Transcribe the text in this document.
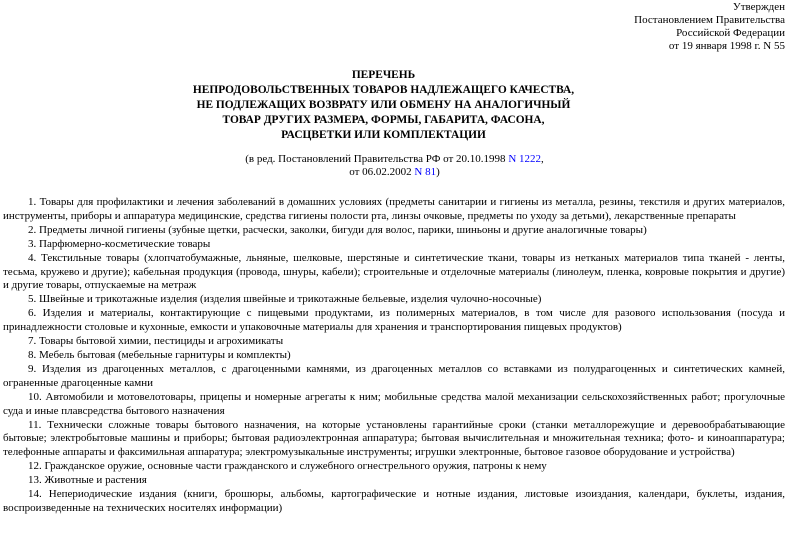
Утвержден
Постановлением Правительства
Российской Федерации
от 19 января 1998 г. N 55
ПЕРЕЧЕНЬ
НЕПРОДОВОЛЬСТВЕННЫХ ТОВАРОВ НАДЛЕЖАЩЕГО КАЧЕСТВА,
НЕ ПОДЛЕЖАЩИХ ВОЗВРАТУ ИЛИ ОБМЕНУ НА АНАЛОГИЧНЫЙ
ТОВАР ДРУГИХ РАЗМЕРА, ФОРМЫ, ГАБАРИТА, ФАСОНА,
РАСЦВЕТКИ ИЛИ КОМПЛЕКТАЦИИ
(в ред. Постановлений Правительства РФ от 20.10.1998 N 1222,
от 06.02.2002 N 81)

1. Товары для профилактики и лечения заболеваний в домашних условиях (предметы санитарии и гигиены из металла, резины, текстиля и других материалов, инструменты, приборы и аппаратура медицинские, средства гигиены полости рта, линзы очковые, предметы по уходу за детьми), лекарственные препараты

2. Предметы личной гигиены (зубные щетки, расчески, заколки, бигуди для волос, парики, шиньоны и другие аналогичные товары)

3. Парфюмерно-косметические товары

4. Текстильные товары (хлопчатобумажные, льняные, шелковые, шерстяные и синтетические ткани, товары из нетканых материалов типа тканей - ленты, тесьма, кружево и другие); кабельная продукция (провода, шнуры, кабели); строительные и отделочные материалы (линолеум, пленка, ковровые покрытия и другие) и другие товары, отпускаемые на метраж

5. Швейные и трикотажные изделия (изделия швейные и трикотажные бельевые, изделия чулочно-носочные)

6. Изделия и материалы, контактирующие с пищевыми продуктами, из полимерных материалов, в том числе для разового использования (посуда и принадлежности столовые и кухонные, емкости и упаковочные материалы для хранения и транспортирования пищевых продуктов)

7. Товары бытовой химии, пестициды и агрохимикаты

8. Мебель бытовая (мебельные гарнитуры и комплекты)

9. Изделия из драгоценных металлов, с драгоценными камнями, из драгоценных металлов со вставками из полудрагоценных и синтетических камней, ограненные драгоценные камни

10. Автомобили и мотовелотовары, прицепы и номерные агрегаты к ним; мобильные средства малой механизации сельскохозяйственных работ; прогулочные суда и иные плавсредства бытового назначения

11. Технически сложные товары бытового назначения, на которые установлены гарантийные сроки (станки металлорежущие и деревообрабатывающие бытовые; электробытовые машины и приборы; бытовая радиоэлектронная аппаратура; бытовая вычислительная и множительная техника; фото- и киноаппаратура; телефонные аппараты и факсимильная аппаратура; электромузыкальные инструменты; игрушки электронные, бытовое газовое оборудование и устройства)

12. Гражданское оружие, основные части гражданского и служебного огнестрельного оружия, патроны к нему

13. Животные и растения

14. Непериодические издания (книги, брошюры, альбомы, картографические и нотные издания, листовые изоиздания, календари, буклеты, издания, воспроизведенные на технических носителях информации)
